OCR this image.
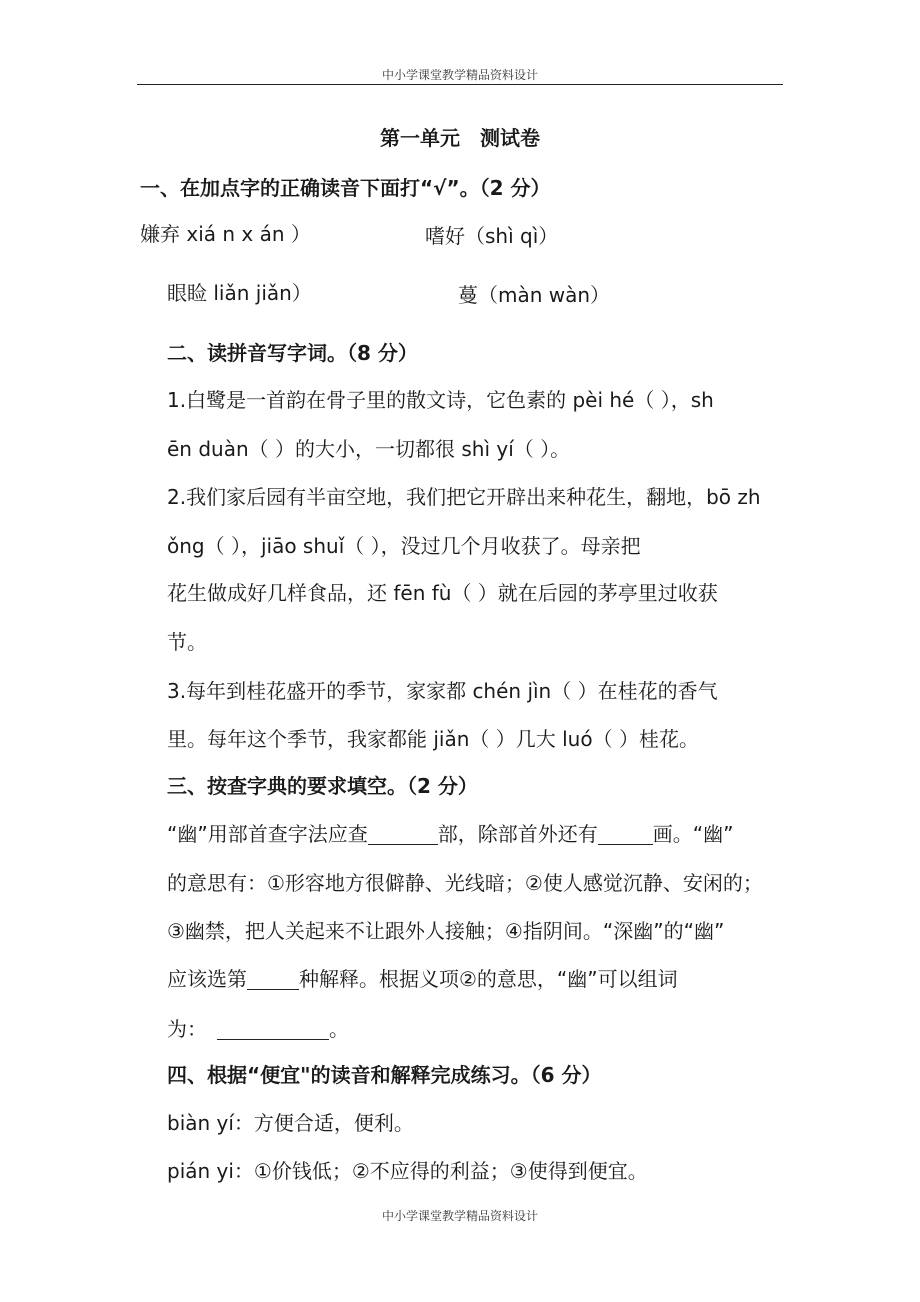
中小学课堂教学精品资料设计
第一单元　测试卷
一、在加点字的正确读音下面打“√”。（2 分）
嫌弃 xiá n x án ）	嗜好（shì qì）
眼睑 liǎn jiǎn）	蔓（màn wàn）
二、读拼音写字词。（8 分）
1.白鹭是一首韵在骨子里的散文诗，它色素的 pèi hé（ ），sh
ēn duàn（ ）的大小，一切都很 shì yí（ ）。
2.我们家后园有半亩空地，我们把它开辟出来种花生，翻地，bō zh
ǒng（ ），jiāo shuǐ（ ），没过几个月收获了。母亲把
花生做成好几样食品，还 fēn fù（ ）就在后园的茅亭里过收获
节。
3.每年到桂花盛开的季节，家家都 chén jìn（ ）在桂花的香气
里。每年这个季节，我家都能 jiǎn（ ）几大 luó（ ）桂花。
三、按查字典的要求填空。（2 分）
“幽”用部首查字法应查	部，除部首外还有	画。“幽”
的意思有：①形容地方很僻静、光线暗；②使人感觉沉静、安闲的；
③幽禁，把人关起来不让跟外人接触；④指阴间。“深幽”的“幽”
应该选第	种解释。根据义项②的意思，“幽”可以组词
为：	。
四、根据“便宜"的读音和解释完成练习。（6 分）
biàn yí：方便合适，便利。
pián yi：①价钱低；②不应得的利益；③使得到便宜。
中小学课堂教学精品资料设计
